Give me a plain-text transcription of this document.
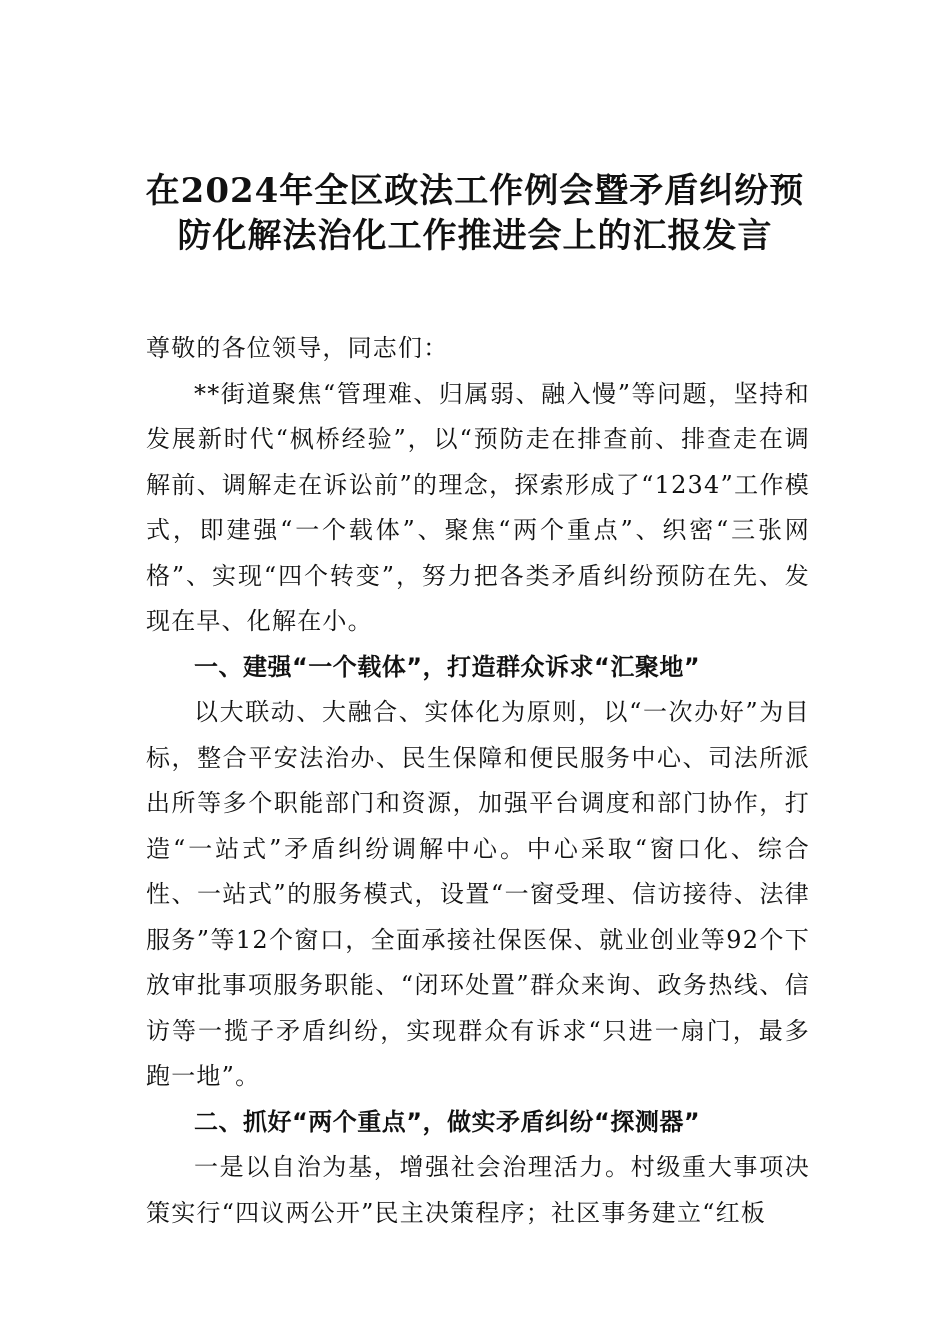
在2024年全区政法工作例会暨矛盾纠纷预
防化解法治化工作推进会上的汇报发言

尊敬的各位领导，同志们：

**街道聚焦“管理难、归属弱、融入慢”等问题，坚持和发展新时代“枫桥经验”，以“预防走在排查前、排查走在调解前、调解走在诉讼前”的理念，探索形成了“1234”工作模式，即建强“一个载体”、聚焦“两个重点”、织密“三张网格”、实现“四个转变”，努力把各类矛盾纠纷预防在先、发现在早、化解在小。

一、建强“一个载体”，打造群众诉求“汇聚地”

以大联动、大融合、实体化为原则，以“一次办好”为目标，整合平安法治办、民生保障和便民服务中心、司法所派出所等多个职能部门和资源，加强平台调度和部门协作，打造“一站式”矛盾纠纷调解中心。中心采取“窗口化、综合性、一站式”的服务模式，设置“一窗受理、信访接待、法律服务”等12个窗口，全面承接社保医保、就业创业等92个下放审批事项服务职能、“闭环处置”群众来询、政务热线、信访等一揽子矛盾纠纷，实现群众有诉求“只进一扇门，最多跑一地”。

二、抓好“两个重点”，做实矛盾纠纷“探测器”

一是以自治为基，增强社会治理活力。村级重大事项决策实行“四议两公开”民主决策程序；社区事务建立“红板
